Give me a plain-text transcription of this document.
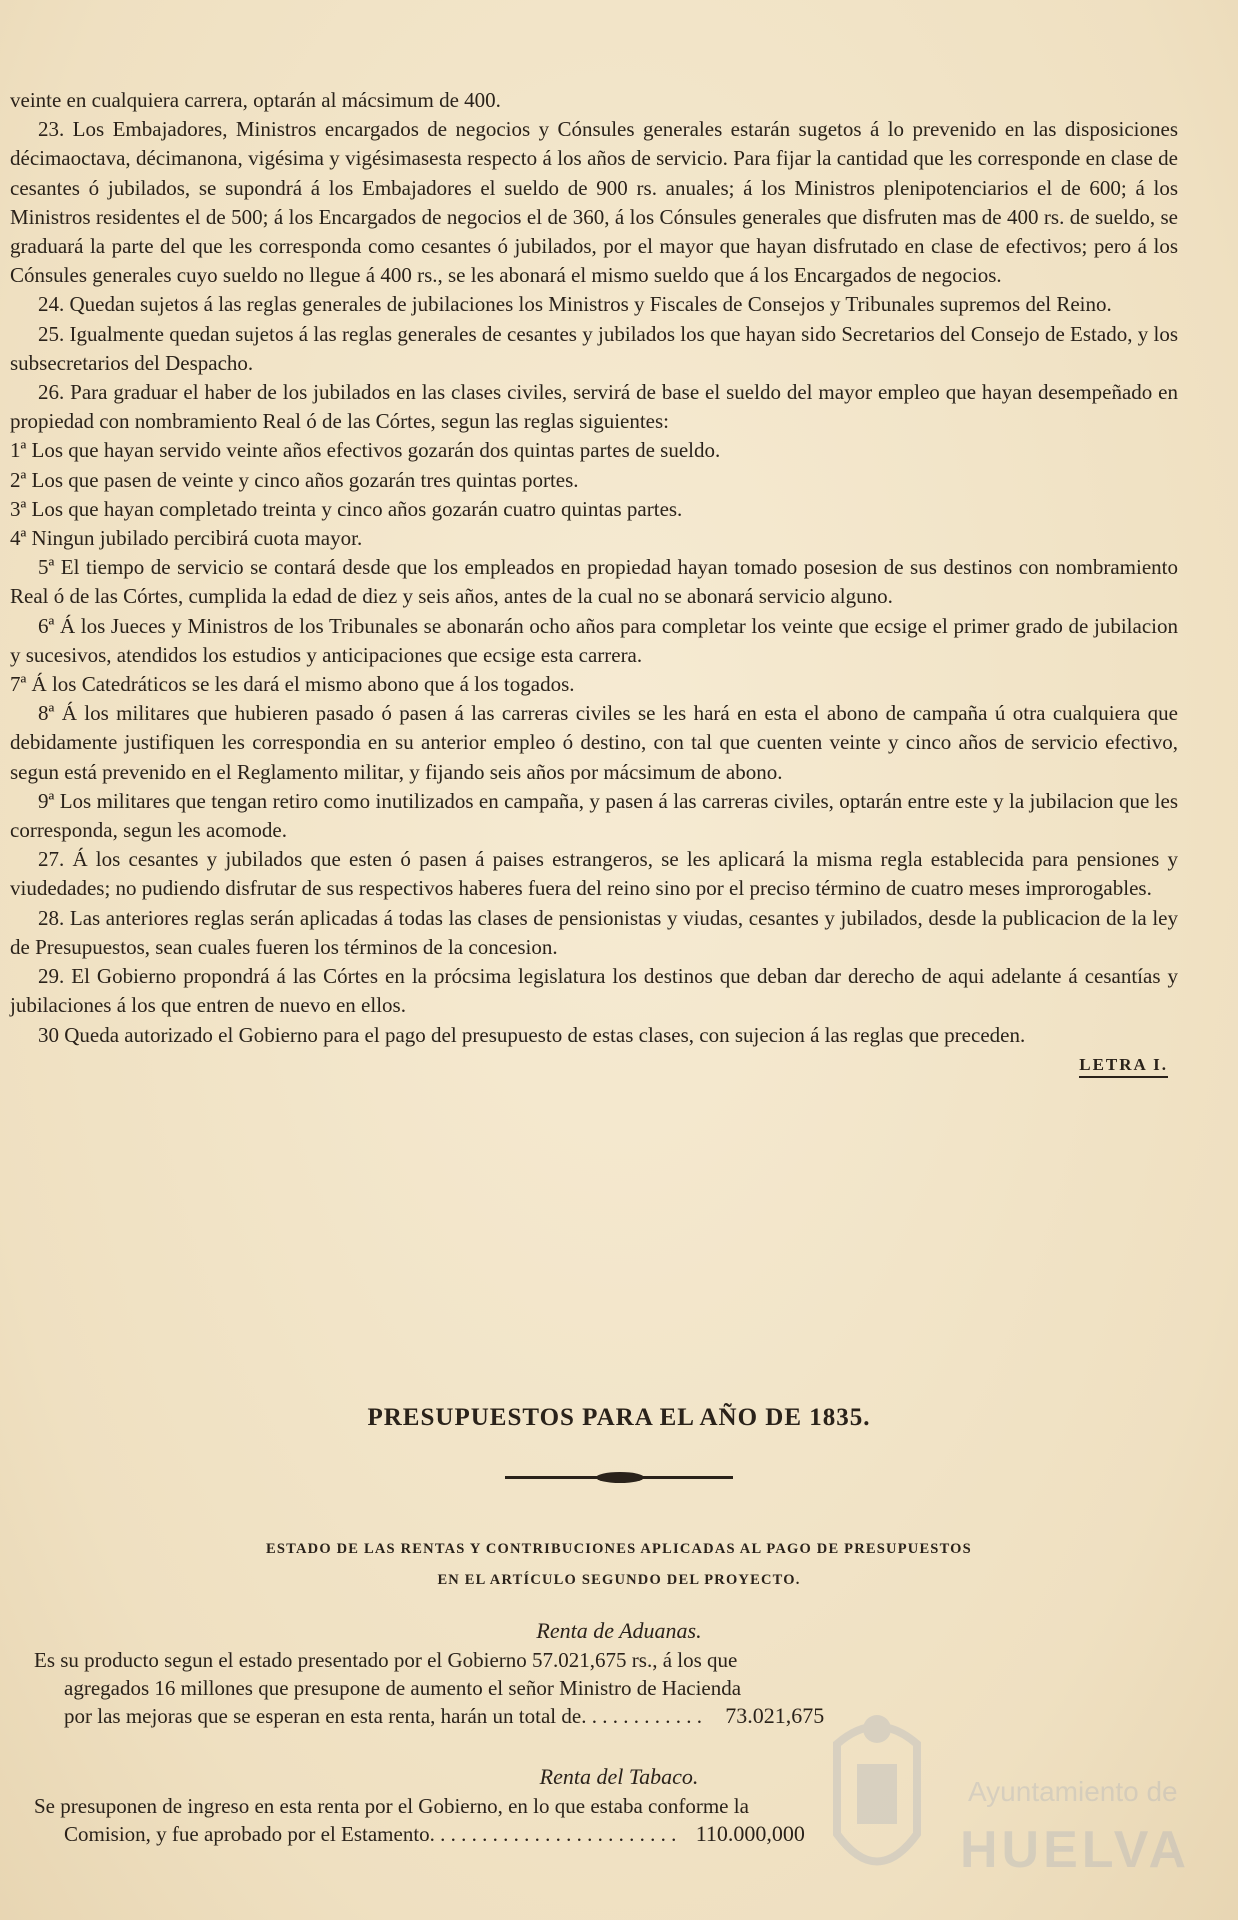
veinte en cualquiera carrera, optarán al mácsimum de 400.

23. Los Embajadores, Ministros encargados de negocios y Cónsules generales estarán sugetos á lo prevenido en las disposiciones décimaoctava, décimanona, vigésima y vigésimasesta respecto á los años de servicio. Para fijar la cantidad que les corresponde en clase de cesantes ó jubilados, se supondrá á los Embajadores el sueldo de 900 rs. anuales; á los Ministros plenipotenciarios el de 600; á los Ministros residentes el de 500; á los Encargados de negocios el de 360, á los Cónsules generales que disfruten mas de 400 rs. de sueldo, se graduará la parte del que les corresponda como cesantes ó jubilados, por el mayor que hayan disfrutado en clase de efectivos; pero á los Cónsules generales cuyo sueldo no llegue á 400 rs., se les abonará el mismo sueldo que á los Encargados de negocios.

24. Quedan sujetos á las reglas generales de jubilaciones los Ministros y Fiscales de Consejos y Tribunales supremos del Reino.

25. Igualmente quedan sujetos á las reglas generales de cesantes y jubilados los que hayan sido Secretarios del Consejo de Estado, y los subsecretarios del Despacho.

26. Para graduar el haber de los jubilados en las clases civiles, servirá de base el sueldo del mayor empleo que hayan desempeñado en propiedad con nombramiento Real ó de las Córtes, segun las reglas siguientes:

1ª Los que hayan servido veinte años efectivos gozarán dos quintas partes de sueldo.

2ª Los que pasen de veinte y cinco años gozarán tres quintas portes.

3ª Los que hayan completado treinta y cinco años gozarán cuatro quintas partes.

4ª Ningun jubilado percibirá cuota mayor.

5ª El tiempo de servicio se contará desde que los empleados en propiedad hayan tomado posesion de sus destinos con nombramiento Real ó de las Córtes, cumplida la edad de diez y seis años, antes de la cual no se abonará servicio alguno.

6ª Á los Jueces y Ministros de los Tribunales se abonarán ocho años para completar los veinte que ecsige el primer grado de jubilacion y sucesivos, atendidos los estudios y anticipaciones que ecsige esta carrera.

7ª Á los Catedráticos se les dará el mismo abono que á los togados.

8ª Á los militares que hubieren pasado ó pasen á las carreras civiles se les hará en esta el abono de campaña ú otra cualquiera que debidamente justifiquen les correspondia en su anterior empleo ó destino, con tal que cuenten veinte y cinco años de servicio efectivo, segun está prevenido en el Reglamento militar, y fijando seis años por mácsimum de abono.

9ª Los militares que tengan retiro como inutilizados en campaña, y pasen á las carreras civiles, optarán entre este y la jubilacion que les corresponda, segun les acomode.

27. Á los cesantes y jubilados que esten ó pasen á paises estrangeros, se les aplicará la misma regla establecida para pensiones y viudedades; no pudiendo disfrutar de sus respectivos haberes fuera del reino sino por el preciso término de cuatro meses improrogables.

28. Las anteriores reglas serán aplicadas á todas las clases de pensionistas y viudas, cesantes y jubilados, desde la publicacion de la ley de Presupuestos, sean cuales fueren los términos de la concesion.

29. El Gobierno propondrá á las Córtes en la prócsima legislatura los destinos que deban dar derecho de aqui adelante á cesantías y jubilaciones á los que entren de nuevo en ellos.

30 Queda autorizado el Gobierno para el pago del presupuesto de estas clases, con sujecion á las reglas que preceden.

LETRA I.

PRESUPUESTOS PARA EL AÑO DE 1835.
ESTADO DE LAS RENTAS Y CONTRIBUCIONES APLICADAS AL PAGO DE PRESUPUESTOS
EN EL ARTÍCULO SEGUNDO DEL PROYECTO.
Renta de Aduanas.

Es su producto segun el estado presentado por el Gobierno 57.021,675 rs., á los que

agregados 16 millones que presupone de aumento el señor Ministro de Hacienda

por las mejoras que se esperan en esta renta, harán un total de. . . . . . . . . . . . 73.021,675

Renta del Tabaco.

Se presuponen de ingreso en esta renta por el Gobierno, en lo que estaba conforme la

Comision, y fue aprobado por el Estamento. . . . . . . . . . . . . . . . . . . . . . . . 110.000,000

Ayuntamiento de
HUELVA
